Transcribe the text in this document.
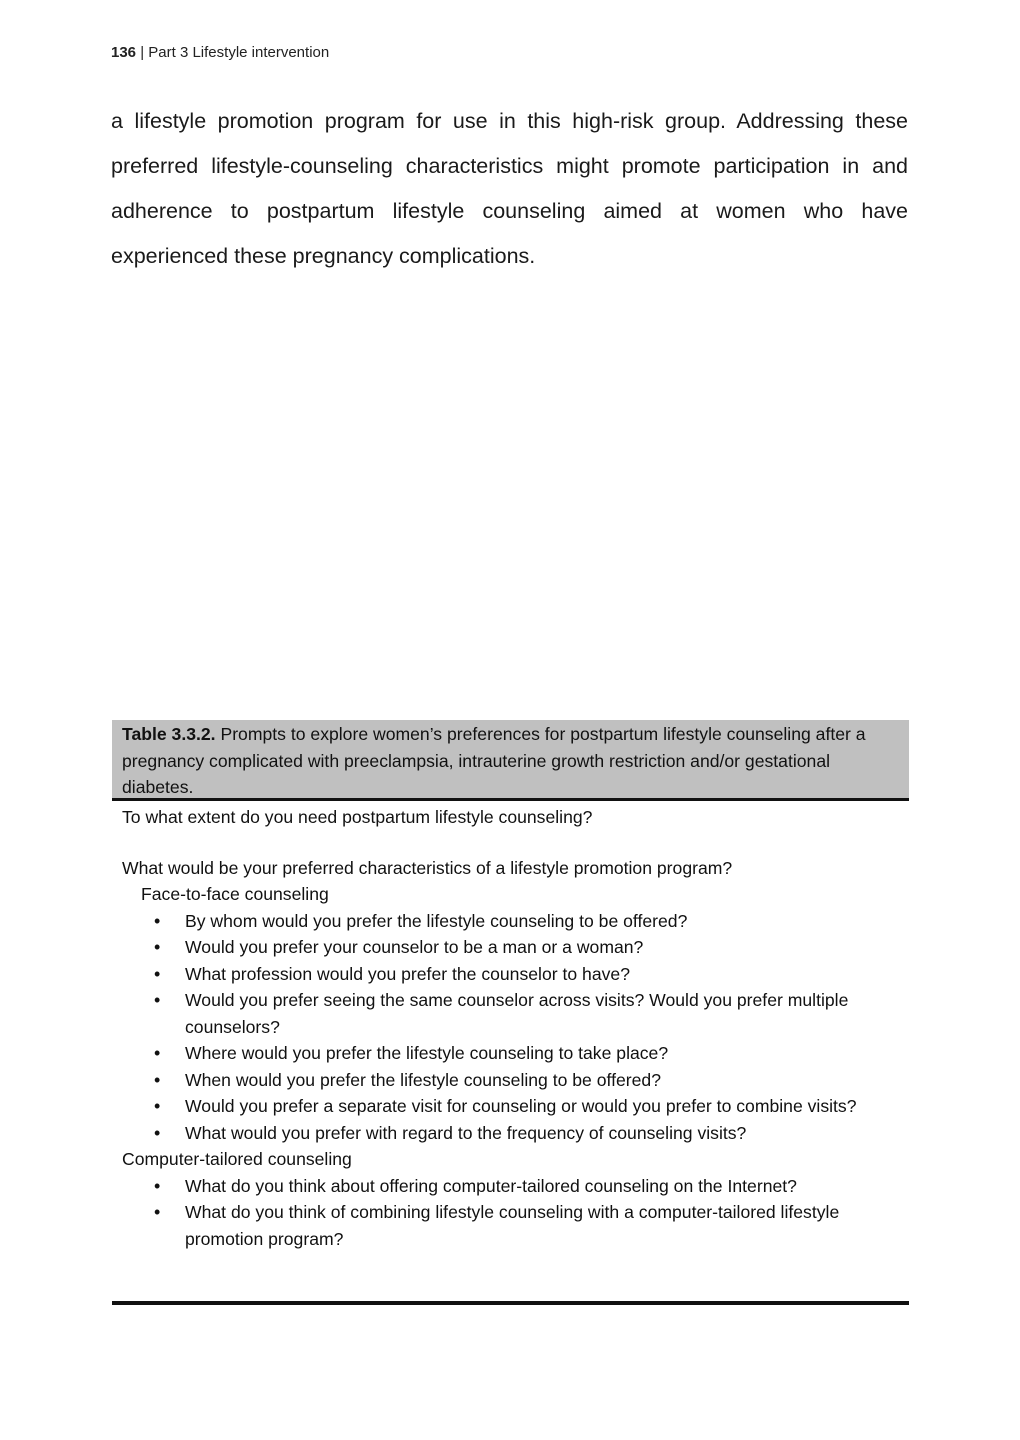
136 | Part 3 Lifestyle intervention

a lifestyle promotion program for use in this high-risk group. Addressing these preferred lifestyle-counseling characteristics might promote participation in and adherence to postpartum lifestyle counseling aimed at women who have experienced these pregnancy complications.

Table 3.3.2. Prompts to explore women’s preferences for postpartum lifestyle counseling after a pregnancy complicated with preeclampsia, intrauterine growth restriction and/or gestational diabetes.
To what extent do you need postpartum lifestyle counseling?
What would be your preferred characteristics of a lifestyle promotion program?
Face-to-face counseling
• By whom would you prefer the lifestyle counseling to be offered?
• Would you prefer your counselor to be a man or a woman?
• What profession would you prefer the counselor to have?
• Would you prefer seeing the same counselor across visits? Would you prefer multiple counselors?
• Where would you prefer the lifestyle counseling to take place?
• When would you prefer the lifestyle counseling to be offered?
• Would you prefer a separate visit for counseling or would you prefer to combine visits?
• What would you prefer with regard to the frequency of counseling visits?
Computer-tailored counseling
• What do you think about offering computer-tailored counseling on the Internet?
• What do you think of combining lifestyle counseling with a computer-tailored lifestyle promotion program?
